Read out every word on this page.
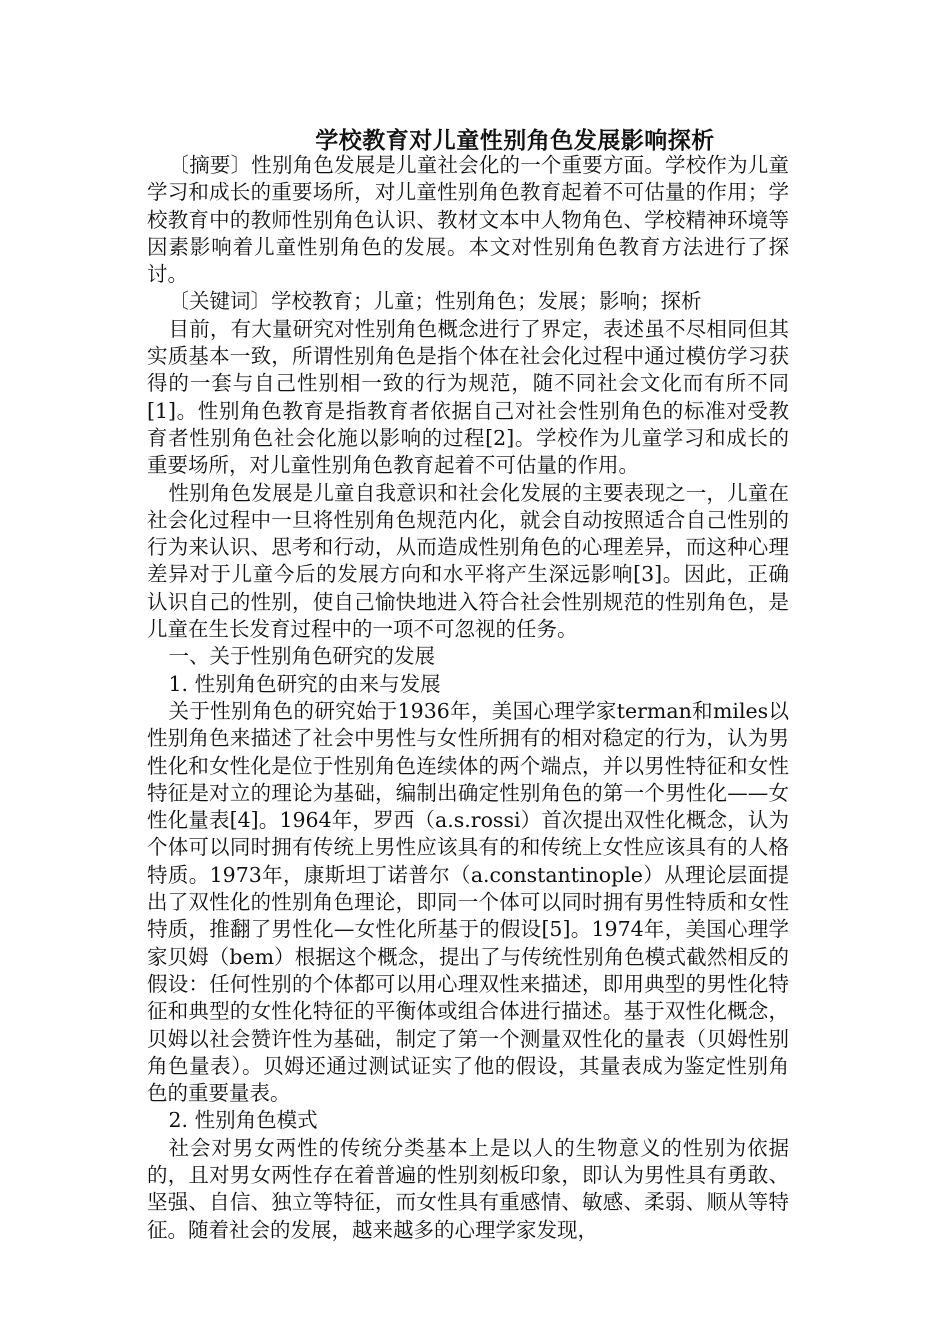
学校教育对儿童性别角色发展影响探析

〔摘要〕性别角色发展是儿童社会化的一个重要方面。学校作为儿童学习和成长的重要场所，对儿童性别角色教育起着不可估量的作用；学校教育中的教师性别角色认识、教材文本中人物角色、学校精神环境等因素影响着儿童性别角色的发展。本文对性别角色教育方法进行了探讨。

〔关键词〕学校教育；儿童；性别角色；发展；影响；探析

目前，有大量研究对性别角色概念进行了界定，表述虽不尽相同但其实质基本一致，所谓性别角色是指个体在社会化过程中通过模仿学习获得的一套与自己性别相一致的行为规范，随不同社会文化而有所不同[1]。性别角色教育是指教育者依据自己对社会性别角色的标准对受教育者性别角色社会化施以影响的过程[2]。学校作为儿童学习和成长的重要场所，对儿童性别角色教育起着不可估量的作用。

性别角色发展是儿童自我意识和社会化发展的主要表现之一，儿童在社会化过程中一旦将性别角色规范内化，就会自动按照适合自己性别的行为来认识、思考和行动，从而造成性别角色的心理差异，而这种心理差异对于儿童今后的发展方向和水平将产生深远影响[3]。因此，正确认识自己的性别，使自己愉快地进入符合社会性别规范的性别角色，是儿童在生长发育过程中的一项不可忽视的任务。

一、关于性别角色研究的发展

1. 性别角色研究的由来与发展

关于性别角色的研究始于1936年，美国心理学家terman和miles以性别角色来描述了社会中男性与女性所拥有的相对稳定的行为，认为男性化和女性化是位于性别角色连续体的两个端点，并以男性特征和女性特征是对立的理论为基础，编制出确定性别角色的第一个男性化——女性化量表[4]。1964年，罗西（a.s.rossi）首次提出双性化概念，认为个体可以同时拥有传统上男性应该具有的和传统上女性应该具有的人格特质。1973年，康斯坦丁诺普尔（a.constantinople）从理论层面提出了双性化的性别角色理论，即同一个体可以同时拥有男性特质和女性特质，推翻了男性化—女性化所基于的假设[5]。1974年，美国心理学家贝姆（bem）根据这个概念，提出了与传统性别角色模式截然相反的假设：任何性别的个体都可以用心理双性来描述，即用典型的男性化特征和典型的女性化特征的平衡体或组合体进行描述。基于双性化概念，贝姆以社会赞许性为基础，制定了第一个测量双性化的量表（贝姆性别角色量表）。贝姆还通过测试证实了他的假设，其量表成为鉴定性别角色的重要量表。

2. 性别角色模式

社会对男女两性的传统分类基本上是以人的生物意义的性别为依据的，且对男女两性存在着普遍的性别刻板印象，即认为男性具有勇敢、坚强、自信、独立等特征，而女性具有重感情、敏感、柔弱、顺从等特征。随着社会的发展，越来越多的心理学家发现，
